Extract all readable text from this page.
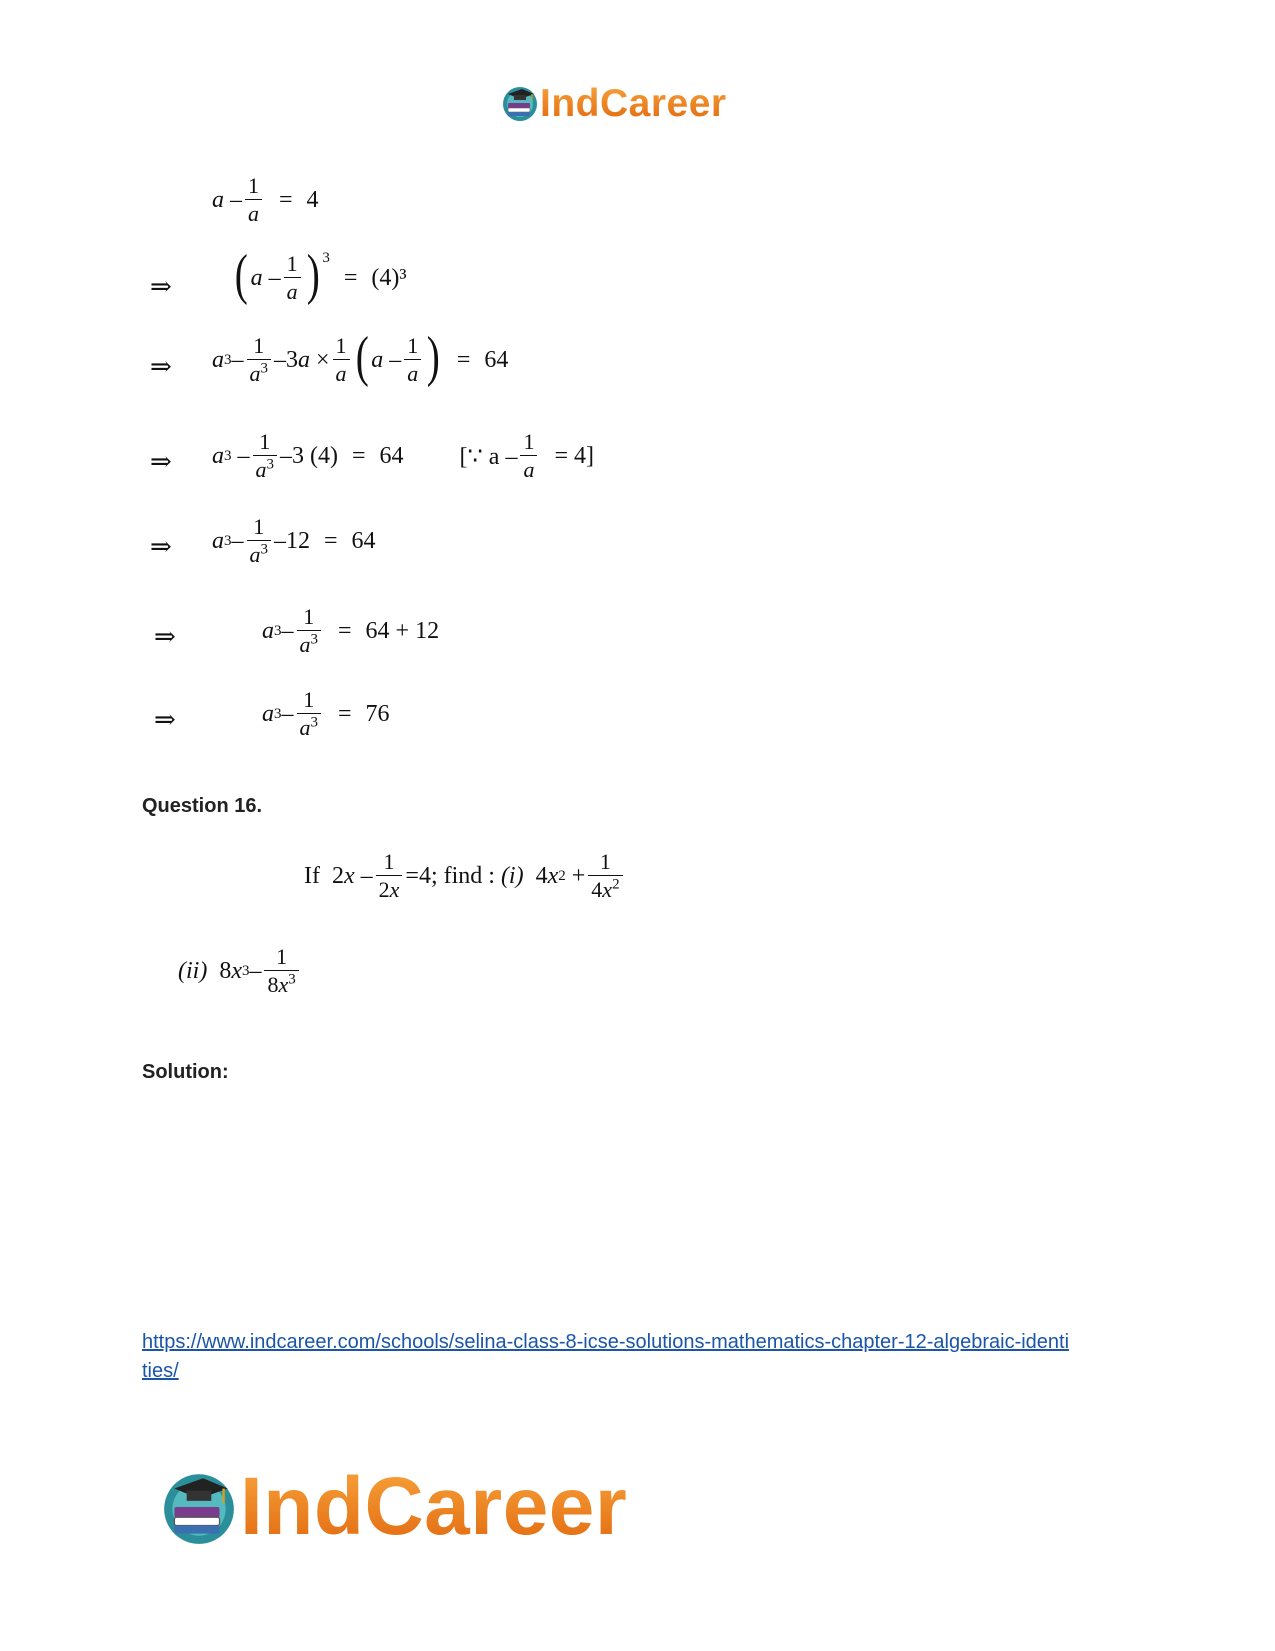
IndCareer
$a - \frac{1}{a} = 4$
⇒ ( a – $\frac{1}{a}$ ) 3
= (4)³
⇒ a $3 - \frac{1}{a^3} -3$ $a \times \frac{1}{a}$ ( a – $\frac{1}{a}$ ) = 64
⇒ a $3 - \frac{1}{a^3} -3$ (4) = 64 [∵ $a - \frac{1}{a} = 4$]
⇒ a $3 - \frac{1}{a^3} -12 = 64$
⇒	a $3 - \frac{1}{a^3} = 64 + 12$
⇒	a $3 - \frac{1}{a^3} = 76$
Question 16.
If 2 $x - \frac{1}{2x} =4$; find :
(i) 4 x $2 + \frac{1}{4x^2}$
(ii) 8 x $3 - \frac{1}{8x^3}$
Solution:
https://www.indcareer.com/schools/selina-class-8-icse-solutions-mathematics-chapter-12-algebraic-identities/
IndCareer
